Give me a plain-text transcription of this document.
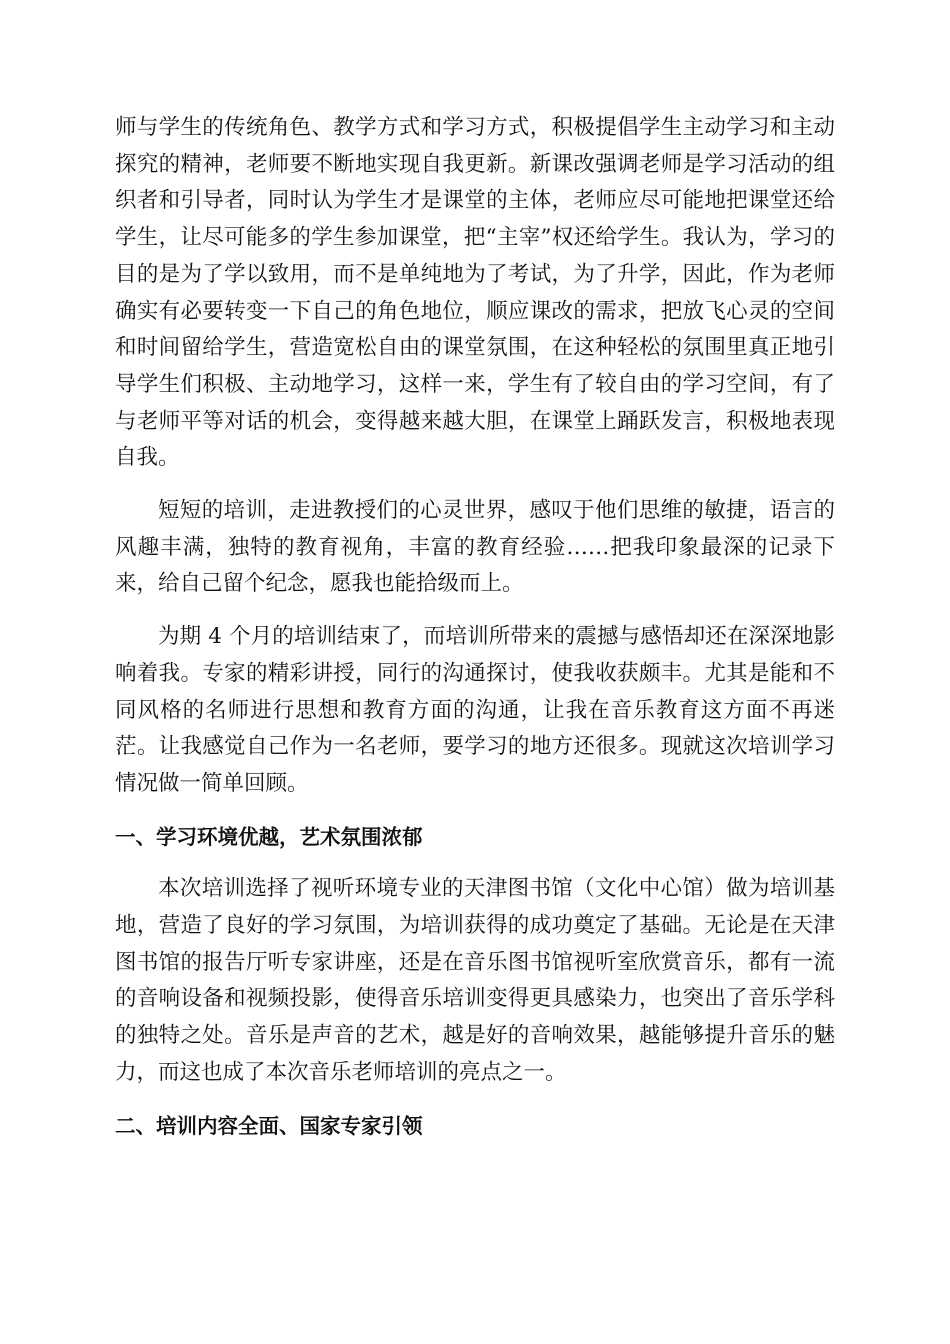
师与学生的传统角色、教学方式和学习方式，积极提倡学生主动学习和主动探究的精神，老师要不断地实现自我更新。新课改强调老师是学习活动的组织者和引导者，同时认为学生才是课堂的主体，老师应尽可能地把课堂还给学生，让尽可能多的学生参加课堂，把“主宰”权还给学生。我认为，学习的目的是为了学以致用，而不是单纯地为了考试，为了升学，因此，作为老师确实有必要转变一下自己的角色地位，顺应课改的需求，把放飞心灵的空间和时间留给学生，营造宽松自由的课堂氛围，在这种轻松的氛围里真正地引导学生们积极、主动地学习，这样一来，学生有了较自由的学习空间，有了与老师平等对话的机会，变得越来越大胆，在课堂上踊跃发言，积极地表现自我。

短短的培训，走进教授们的心灵世界，感叹于他们思维的敏捷，语言的风趣丰满，独特的教育视角，丰富的教育经验……把我印象最深的记录下来，给自己留个纪念，愿我也能拾级而上。

为期 4 个月的培训结束了，而培训所带来的震撼与感悟却还在深深地影响着我。专家的精彩讲授，同行的沟通探讨，使我收获颇丰。尤其是能和不同风格的名师进行思想和教育方面的沟通，让我在音乐教育这方面不再迷茫。让我感觉自己作为一名老师，要学习的地方还很多。现就这次培训学习情况做一简单回顾。

一、学习环境优越，艺术氛围浓郁

本次培训选择了视听环境专业的天津图书馆（文化中心馆）做为培训基地，营造了良好的学习氛围，为培训获得的成功奠定了基础。无论是在天津图书馆的报告厅听专家讲座，还是在音乐图书馆视听室欣赏音乐，都有一流的音响设备和视频投影，使得音乐培训变得更具感染力，也突出了音乐学科的独特之处。音乐是声音的艺术，越是好的音响效果，越能够提升音乐的魅力，而这也成了本次音乐老师培训的亮点之一。

二、培训内容全面、国家专家引领
